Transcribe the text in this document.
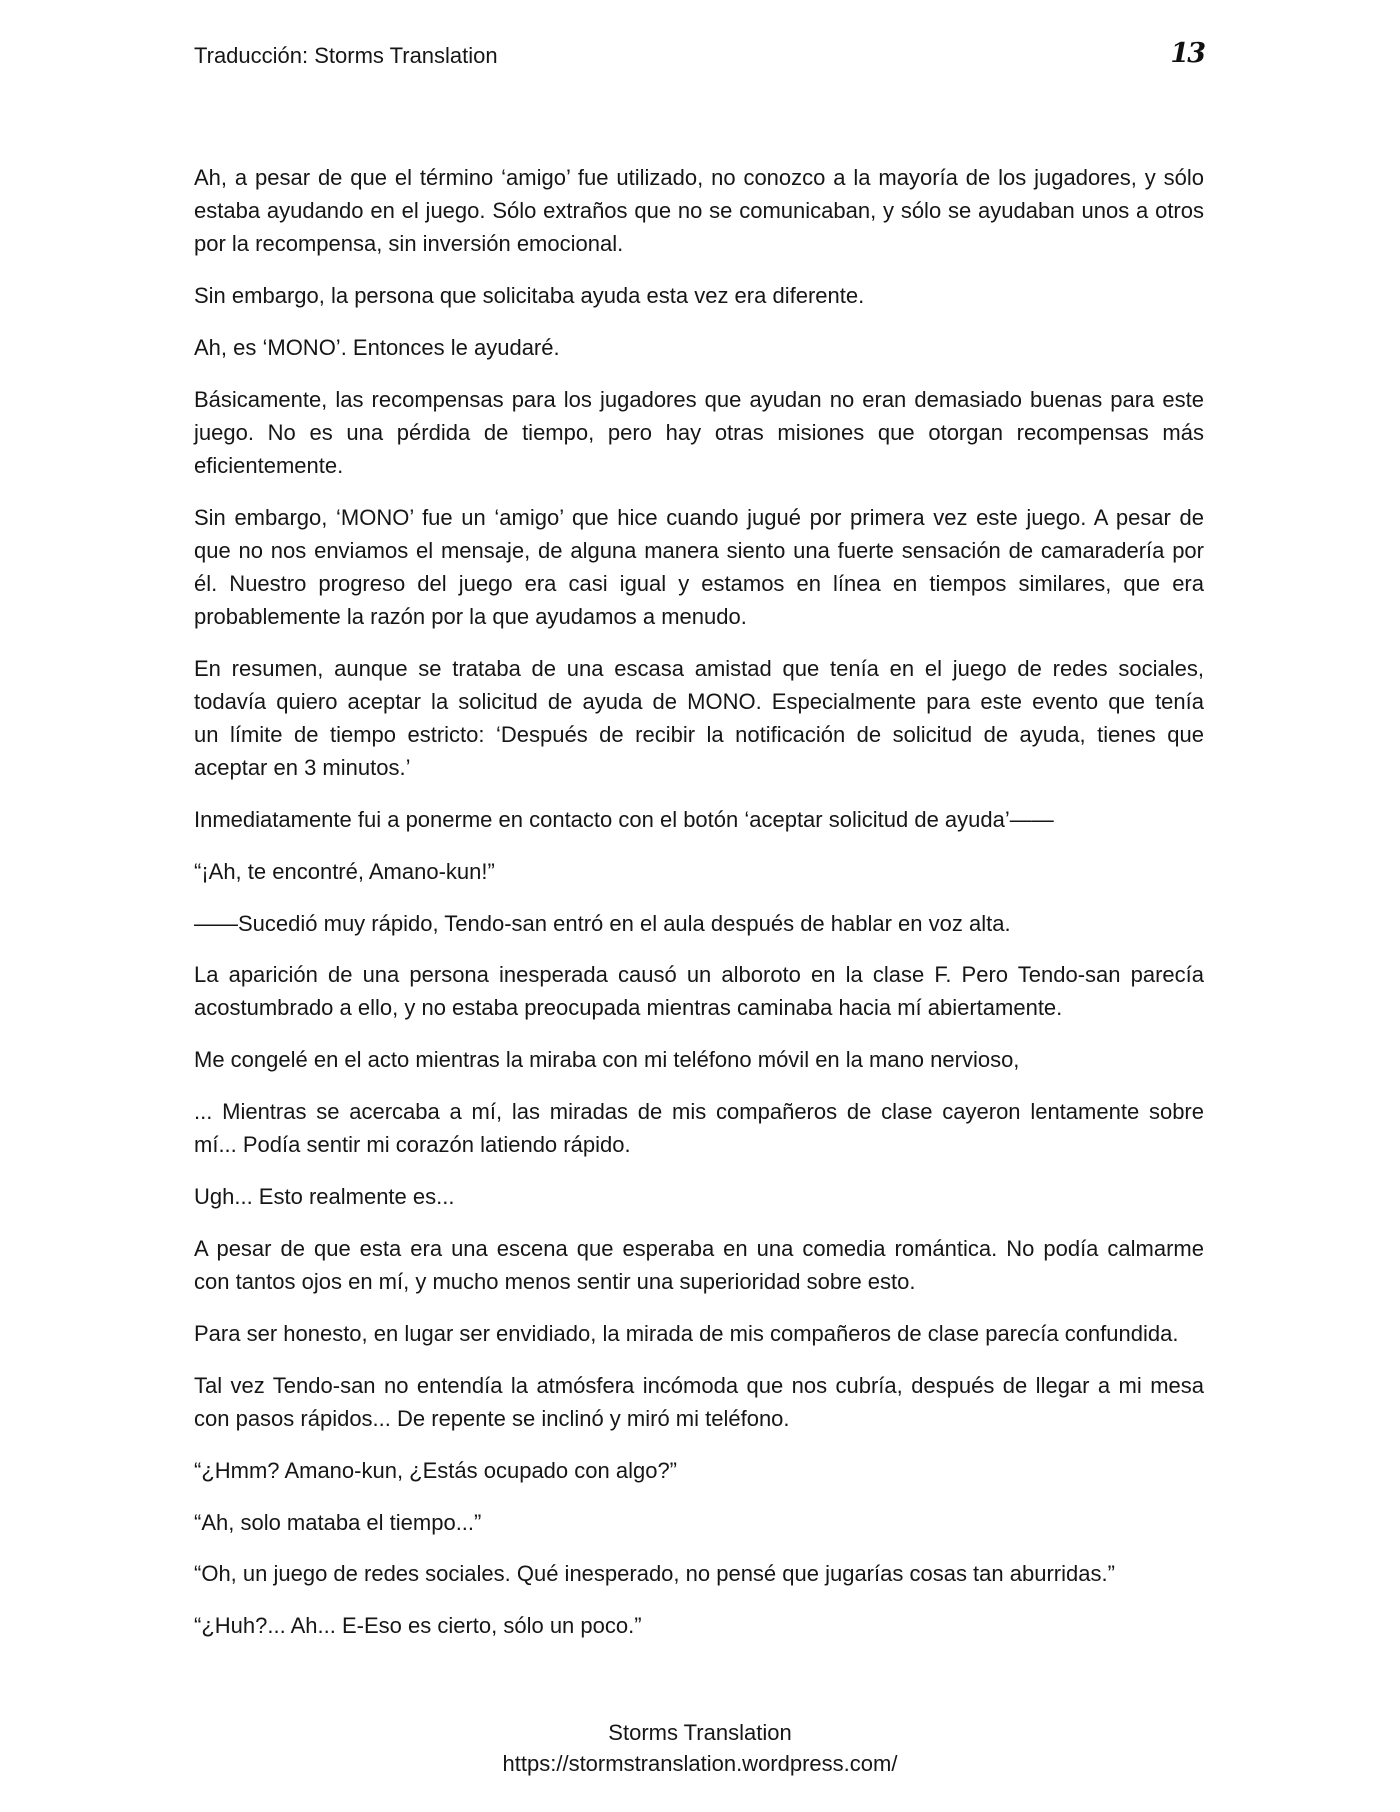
Traducción: Storms Translation	13

Ah, a pesar de que el término ‘amigo’ fue utilizado, no conozco a la mayoría de los jugadores, y sólo
estaba ayudando en el juego. Sólo extraños que no se comunicaban, y sólo se ayudaban unos a otros
por la recompensa, sin inversión emocional.

Sin embargo, la persona que solicitaba ayuda esta vez era diferente.

Ah, es ‘MONO’. Entonces le ayudaré.

Básicamente, las recompensas para los jugadores que ayudan no eran demasiado buenas para este
juego. No es una pérdida de tiempo, pero hay otras misiones que otorgan recompensas más
eficientemente.

Sin embargo, ‘MONO’ fue un ‘amigo’ que hice cuando jugué por primera vez este juego. A pesar de
que no nos enviamos el mensaje, de alguna manera siento una fuerte sensación de camaradería por
él. Nuestro progreso del juego era casi igual y estamos en línea en tiempos similares, que era
probablemente la razón por la que ayudamos a menudo.

En resumen, aunque se trataba de una escasa amistad que tenía en el juego de redes sociales,
todavía quiero aceptar la solicitud de ayuda de MONO. Especialmente para este evento que tenía
un límite de tiempo estricto: ‘Después de recibir la notificación de solicitud de ayuda, tienes que
aceptar en 3 minutos.’

Inmediatamente fui a ponerme en contacto con el botón ‘aceptar solicitud de ayuda’——

“¡Ah, te encontré, Amano-kun!”

——Sucedió muy rápido, Tendo-san entró en el aula después de hablar en voz alta.

La aparición de una persona inesperada causó un alboroto en la clase F. Pero Tendo-san parecía
acostumbrado a ello, y no estaba preocupada mientras caminaba hacia mí abiertamente.

Me congelé en el acto mientras la miraba con mi teléfono móvil en la mano nervioso,

... Mientras se acercaba a mí, las miradas de mis compañeros de clase cayeron lentamente sobre
mí... Podía sentir mi corazón latiendo rápido.

Ugh... Esto realmente es...

A pesar de que esta era una escena que esperaba en una comedia romántica. No podía calmarme
con tantos ojos en mí, y mucho menos sentir una superioridad sobre esto.

Para ser honesto, en lugar ser envidiado, la mirada de mis compañeros de clase parecía confundida.

Tal vez Tendo-san no entendía la atmósfera incómoda que nos cubría, después de llegar a mi mesa
con pasos rápidos... De repente se inclinó y miró mi teléfono.

“¿Hmm? Amano-kun, ¿Estás ocupado con algo?”

“Ah, solo mataba el tiempo...”

“Oh, un juego de redes sociales. Qué inesperado, no pensé que jugarías cosas tan aburridas.”

“¿Huh?... Ah... E-Eso es cierto, sólo un poco.”

Storms Translation
https://stormstranslation.wordpress.com/
